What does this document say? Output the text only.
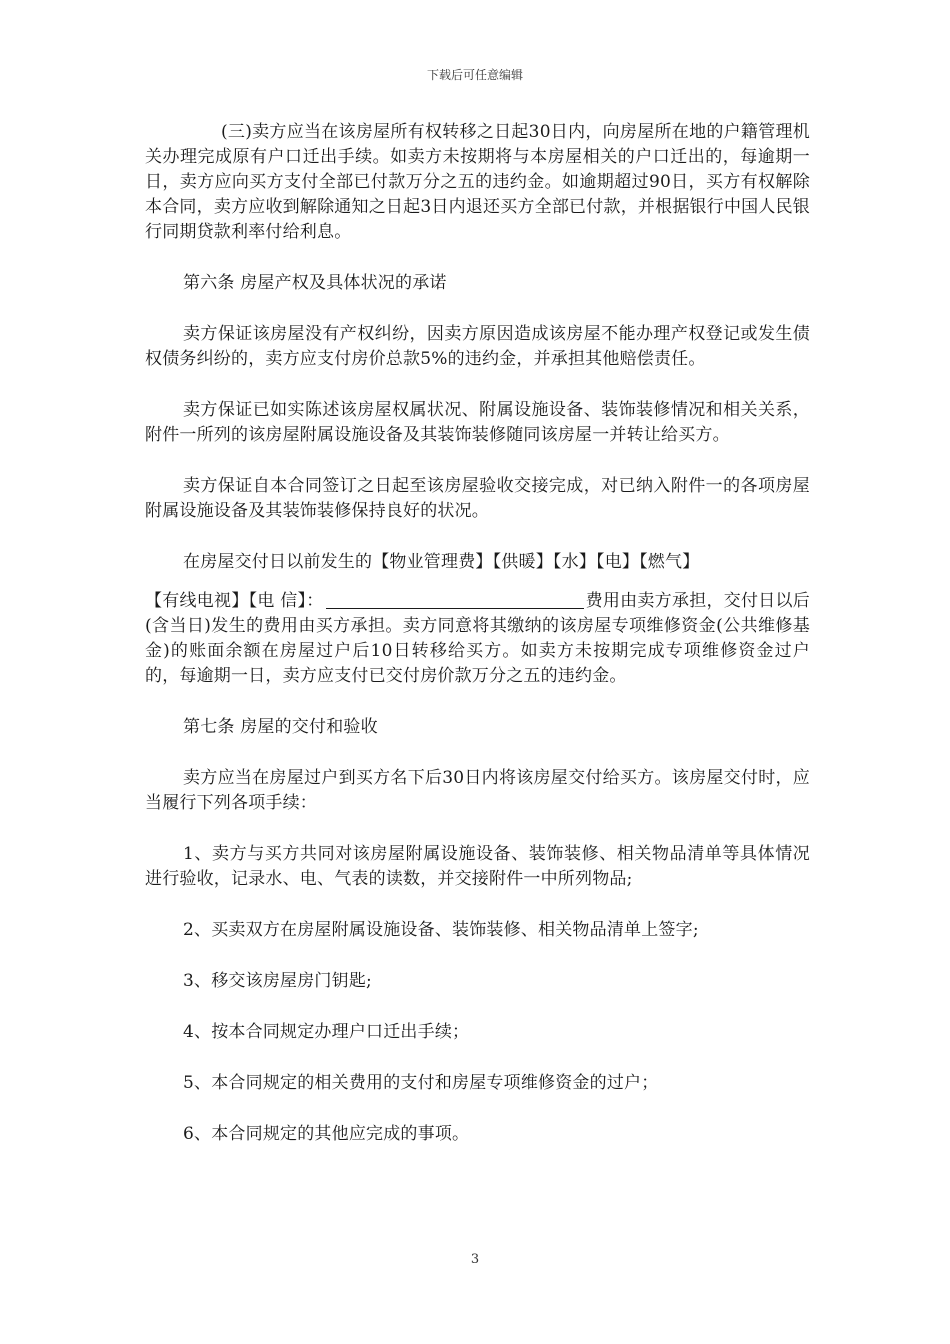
下载后可任意编辑

(三)卖方应当在该房屋所有权转移之日起30日内，向房屋所在地的户籍管理机关办理完成原有户口迁出手续。如卖方未按期将与本房屋相关的户口迁出的，每逾期一日，卖方应向买方支付全部已付款万分之五的违约金。如逾期超过90日，买方有权解除本合同，卖方应收到解除通知之日起3日内退还买方全部已付款，并根据银行中国人民银行同期贷款利率付给利息。

第六条 房屋产权及具体状况的承诺

卖方保证该房屋没有产权纠纷，因卖方原因造成该房屋不能办理产权登记或发生债权债务纠纷的，卖方应支付房价总款5%的违约金，并承担其他赔偿责任。

卖方保证已如实陈述该房屋权属状况、附属设施设备、装饰装修情况和相关关系，附件一所列的该房屋附属设施设备及其装饰装修随同该房屋一并转让给买方。

卖方保证自本合同签订之日起至该房屋验收交接完成，对已纳入附件一的各项房屋附属设施设备及其装饰装修保持良好的状况。

在房屋交付日以前发生的【物业管理费】【供暖】【水】【电】【燃气】

【有线电视】【电 信】：	费用由卖方承担，交付日以后(含当日)发生的费用由买方承担。卖方同意将其缴纳的该房屋专项维修资金(公共维修基金)的账面余额在房屋过户后10日转移给买方。如卖方未按期完成专项维修资金过户的，每逾期一日，卖方应支付已交付房价款万分之五的违约金。

第七条 房屋的交付和验收

卖方应当在房屋过户到买方名下后30日内将该房屋交付给买方。该房屋交付时，应当履行下列各项手续：

1、卖方与买方共同对该房屋附属设施设备、装饰装修、相关物品清单等具体情况进行验收，记录水、电、气表的读数，并交接附件一中所列物品;

2、买卖双方在房屋附属设施设备、装饰装修、相关物品清单上签字;

3、移交该房屋房门钥匙;

4、按本合同规定办理户口迁出手续；

5、本合同规定的相关费用的支付和房屋专项维修资金的过户；

6、本合同规定的其他应完成的事项。

3
